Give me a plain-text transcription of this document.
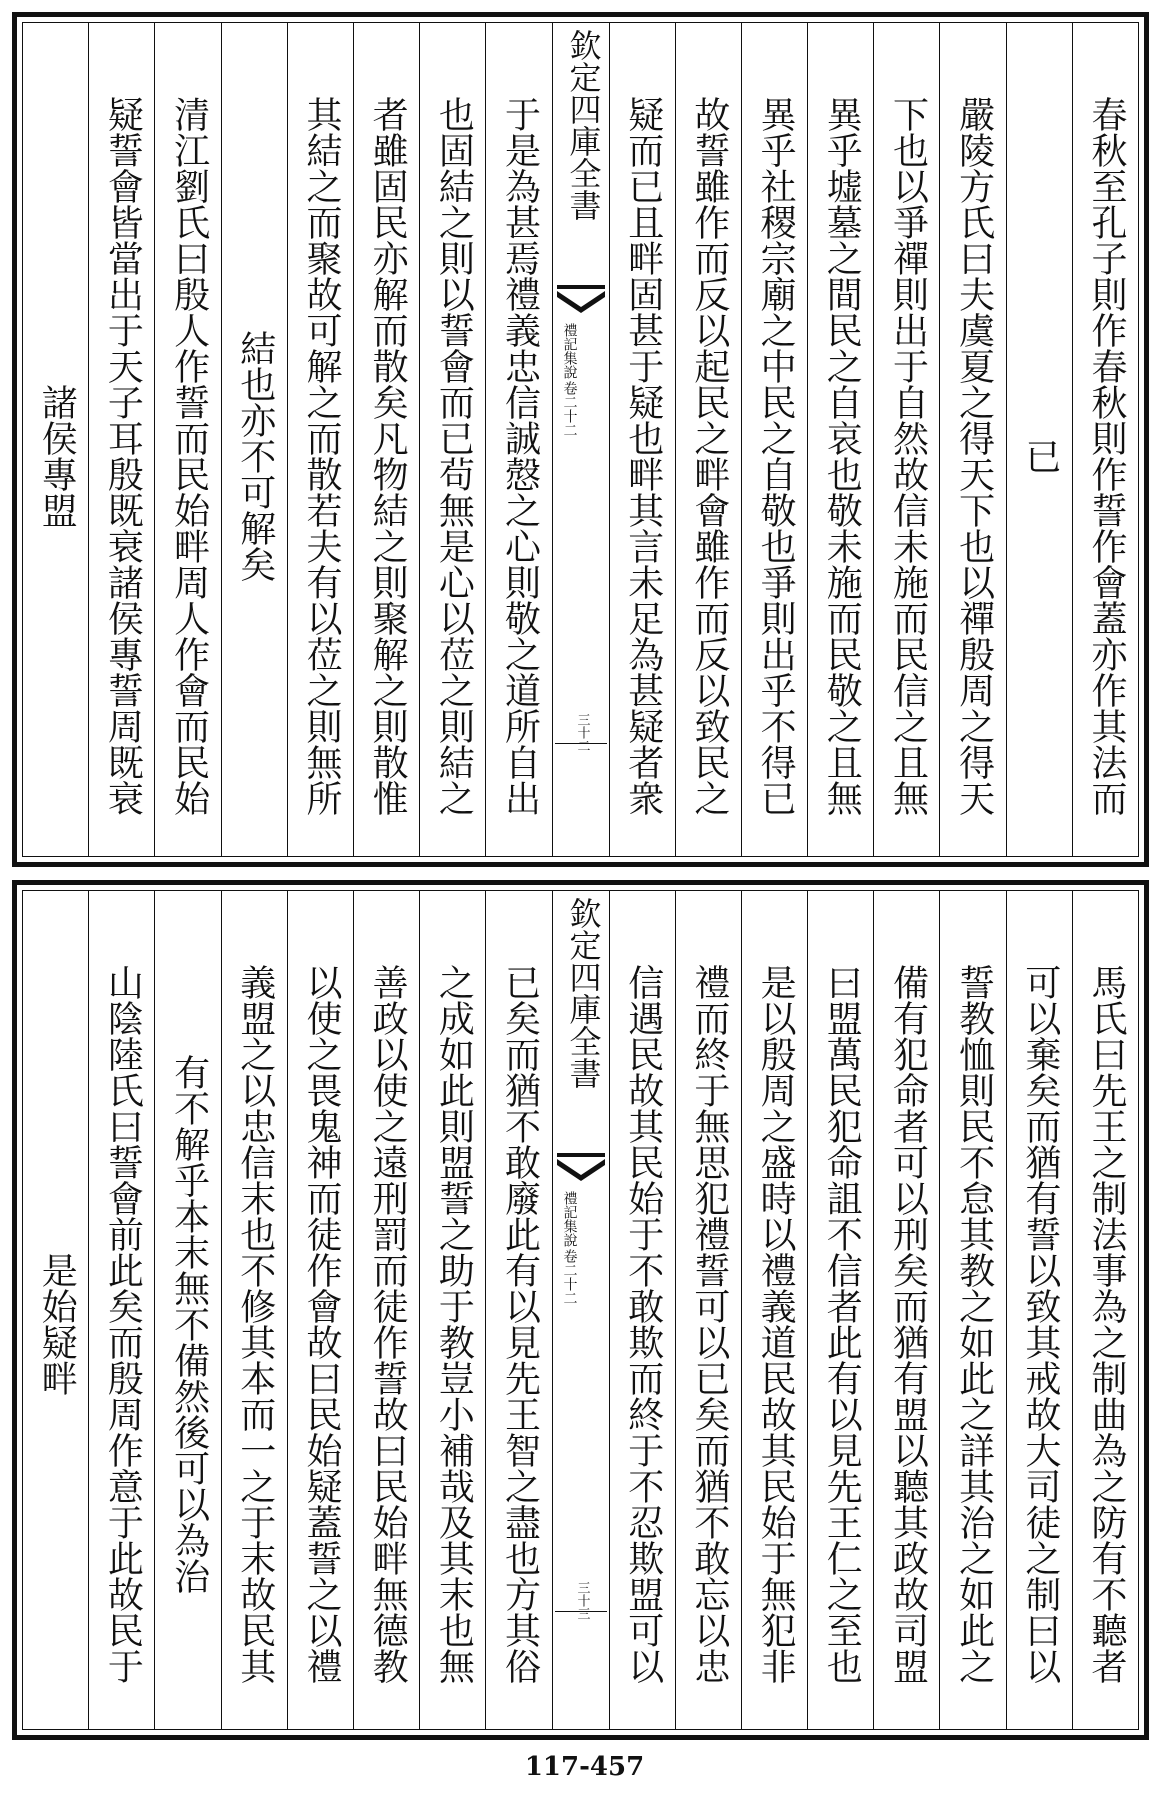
春秋至孔子則作春秋則作誓作會蓋亦作其法而
已
嚴陵方氏曰夫虞夏之得天下也以禪殷周之得天
下也以爭禪則出于自然故信未施而民信之且無
異乎墟墓之間民之自哀也敬未施而民敬之且無
異乎社稷宗廟之中民之自敬也爭則出乎不得已
故誓雖作而反以起民之畔會雖作而反以致民之
疑而已且畔固甚于疑也畔其言未足為甚疑者衆
欽定四庫全書
禮記集說
卷二十二
三十二
于是為甚焉禮義忠信誠慤之心則敬之道所自出
也固結之則以誓會而已茍無是心以莅之則結之
者雖固民亦解而散矣凡物結之則聚解之則散惟
其結之而聚故可解之而散若夫有以莅之則無所
結也亦不可解矣
清江劉氏曰殷人作誓而民始畔周人作會而民始
疑誓會皆當出于天子耳殷既衰諸侯專誓周既衰
諸侯專盟
馬氏曰先王之制法事為之制曲為之防有不聽者
可以棄矣而猶有誓以致其戒故大司徒之制曰以
誓教恤則民不怠其教之如此之詳其治之如此之
備有犯命者可以刑矣而猶有盟以聽其政故司盟
曰盟萬民犯命詛不信者此有以見先王仁之至也
是以殷周之盛時以禮義道民故其民始于無犯非
禮而終于無思犯禮誓可以已矣而猶不敢忘以忠
信遇民故其民始于不敢欺而終于不忍欺盟可以
欽定四庫全書
禮記集說
卷二十二
三十三
已矣而猶不敢廢此有以見先王智之盡也方其俗
之成如此則盟誓之助于教豈小補哉及其末也無
善政以使之遠刑罰而徒作誓故曰民始畔無德教
以使之畏鬼神而徒作會故曰民始疑蓋誓之以禮
義盟之以忠信末也不修其本而一之于末故民其
有不解乎本末無不備然後可以為治
山陰陸氏曰誓會前此矣而殷周作意于此故民于
是始疑畔
117-457
